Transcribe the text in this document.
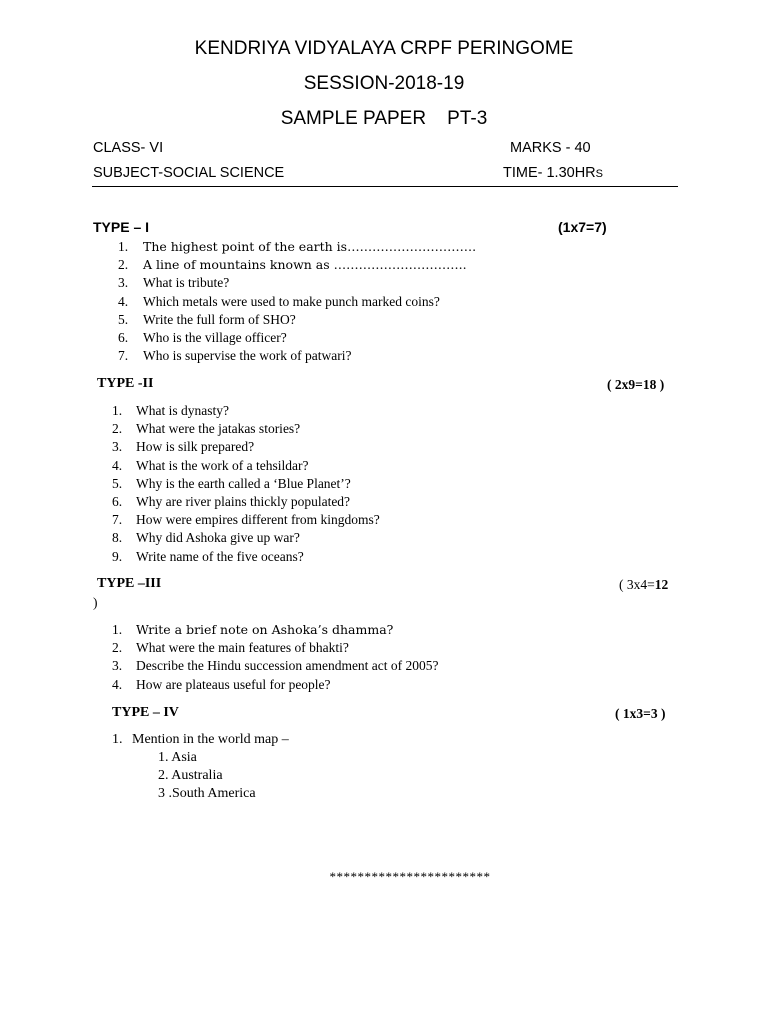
KENDRIYA VIDYALAYA CRPF PERINGOME
SESSION-2018-19
SAMPLE PAPER    PT-3
CLASS- VI	MARKS - 40
SUBJECT-SOCIAL SCIENCE	TIME- 1.30HRS
TYPE – I	(1x7=7)
1. The highest point of the earth is………………………….
2. A line of mountains known as …………………………..
3. What is tribute?
4. Which metals were used to make punch marked coins?
5. Write the full form of SHO?
6. Who is the village officer?
7. Who is supervise the work of patwari?
TYPE -II	( 2x9=18 )
1. What is dynasty?
2. What were the jatakas stories?
3. How is silk prepared?
4. What is the work of a tehsildar?
5. Why is the earth called a ‘Blue Planet’?
6. Why are river plains thickly populated?
7. How were empires different from kingdoms?
8. Why did Ashoka give up war?
9. Write name of the five oceans?
TYPE –III	( 3x4=12
)
1. Write a brief note on Ashoka’s dhamma?
2. What were the main features of bhakti?
3. Describe the Hindu succession amendment act of 2005?
4. How are plateaus useful for people?
TYPE – IV	( 1x3=3 )
1. Mention in the world map –
1. Asia
2. Australia
3 .South America
***********************
